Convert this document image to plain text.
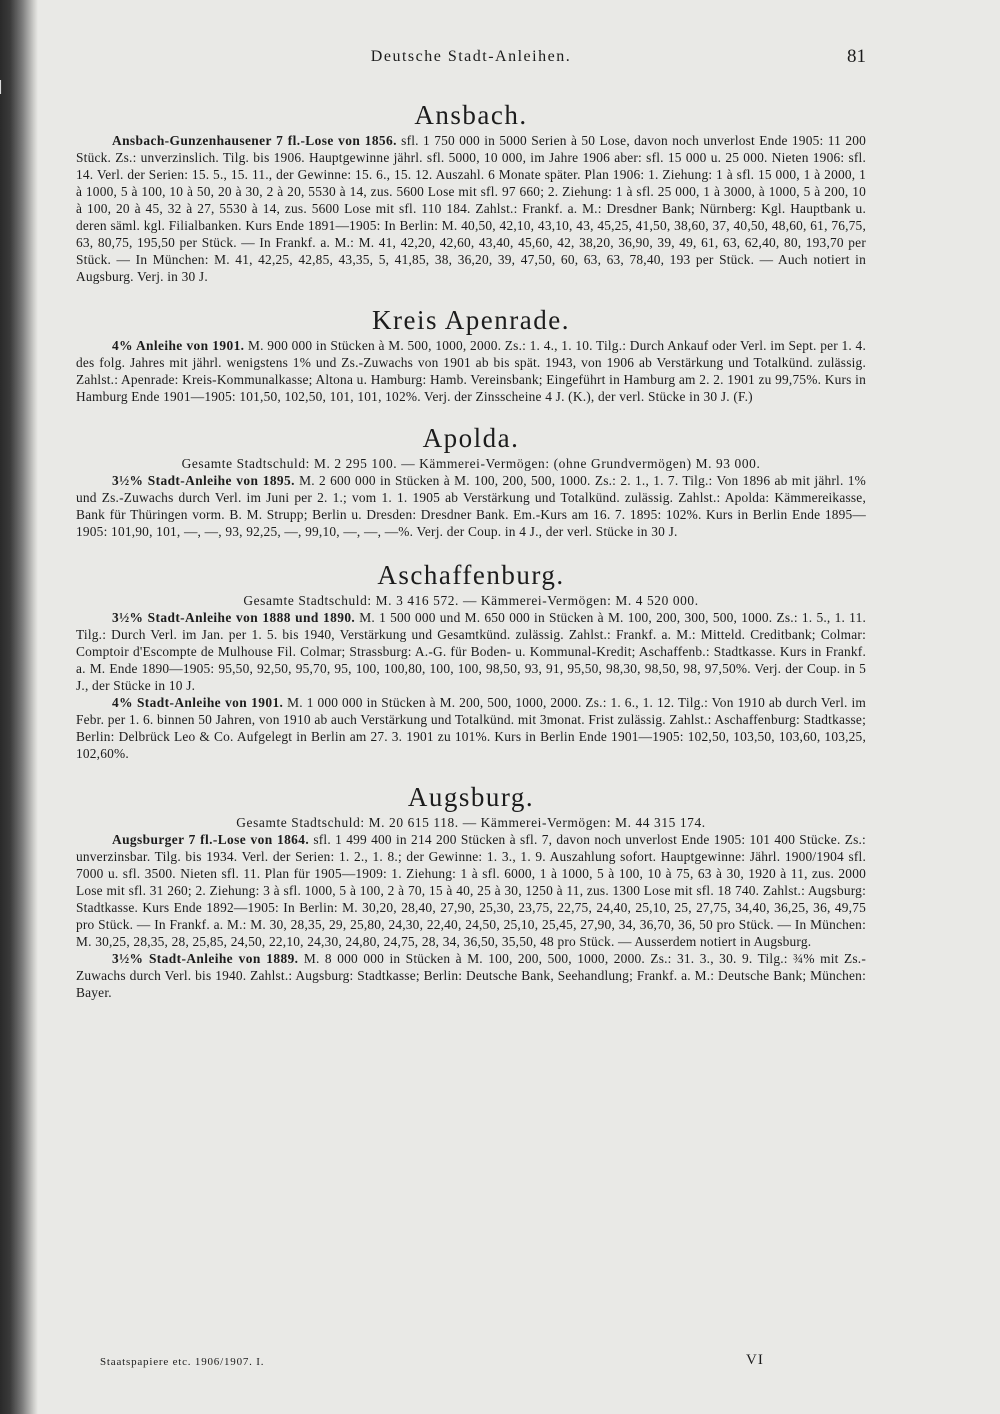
▏
Deutsche Stadt-Anleihen.	81
Ansbach.

Ansbach-Gunzenhausener 7 fl.-Lose von 1856. sfl. 1 750 000 in 5000 Serien à 50 Lose, davon noch unverlost Ende 1905: 11 200 Stück. Zs.: unverzinslich. Tilg. bis 1906. Hauptgewinne jährl. sfl. 5000, 10 000, im Jahre 1906 aber: sfl. 15 000 u. 25 000. Nieten 1906: sfl. 14. Verl. der Serien: 15. 5., 15. 11., der Gewinne: 15. 6., 15. 12. Auszahl. 6 Monate später. Plan 1906: 1. Ziehung: 1 à sfl. 15 000, 1 à 2000, 1 à 1000, 5 à 100, 10 à 50, 20 à 30, 2 à 20, 5530 à 14, zus. 5600 Lose mit sfl. 97 660; 2. Ziehung: 1 à sfl. 25 000, 1 à 3000, à 1000, 5 à 200, 10 à 100, 20 à 45, 32 à 27, 5530 à 14, zus. 5600 Lose mit sfl. 110 184. Zahlst.: Frankf. a. M.: Dresdner Bank; Nürnberg: Kgl. Hauptbank u. deren säml. kgl. Filialbanken. Kurs Ende 1891—1905: In Berlin: M. 40,50, 42,10, 43,10, 43, 45,25, 41,50, 38,60, 37, 40,50, 48,60, 61, 76,75, 63, 80,75, 195,50 per Stück. — In Frankf. a. M.: M. 41, 42,20, 42,60, 43,40, 45,60, 42, 38,20, 36,90, 39, 49, 61, 63, 62,40, 80, 193,70 per Stück. — In München: M. 41, 42,25, 42,85, 43,35, 5, 41,85, 38, 36,20, 39, 47,50, 60, 63, 63, 78,40, 193 per Stück. — Auch notiert in Augsburg. Verj. in 30 J.

Kreis Apenrade.

4% Anleihe von 1901. M. 900 000 in Stücken à M. 500, 1000, 2000. Zs.: 1. 4., 1. 10. Tilg.: Durch Ankauf oder Verl. im Sept. per 1. 4. des folg. Jahres mit jährl. wenigstens 1% und Zs.-Zuwachs von 1901 ab bis spät. 1943, von 1906 ab Verstärkung und Totalkünd. zulässig. Zahlst.: Apenrade: Kreis-Kommunalkasse; Altona u. Hamburg: Hamb. Vereinsbank; Eingeführt in Hamburg am 2. 2. 1901 zu 99,75%. Kurs in Hamburg Ende 1901—1905: 101,50, 102,50, 101, 101, 102%. Verj. der Zinsscheine 4 J. (K.), der verl. Stücke in 30 J. (F.)

Apolda.

Gesamte Stadtschuld: M. 2 295 100. — Kämmerei-Vermögen: (ohne Grundvermögen) M. 93 000.

3½% Stadt-Anleihe von 1895. M. 2 600 000 in Stücken à M. 100, 200, 500, 1000. Zs.: 2. 1., 1. 7. Tilg.: Von 1896 ab mit jährl. 1% und Zs.-Zuwachs durch Verl. im Juni per 2. 1.; vom 1. 1. 1905 ab Verstärkung und Totalkünd. zulässig. Zahlst.: Apolda: Kämmereikasse, Bank für Thüringen vorm. B. M. Strupp; Berlin u. Dresden: Dresdner Bank. Em.-Kurs am 16. 7. 1895: 102%. Kurs in Berlin Ende 1895—1905: 101,90, 101, —, —, 93, 92,25, —, 99,10, —, —, —%. Verj. der Coup. in 4 J., der verl. Stücke in 30 J.

Aschaffenburg.

Gesamte Stadtschuld: M. 3 416 572. — Kämmerei-Vermögen: M. 4 520 000.

3½% Stadt-Anleihe von 1888 und 1890. M. 1 500 000 und M. 650 000 in Stücken à M. 100, 200, 300, 500, 1000. Zs.: 1. 5., 1. 11. Tilg.: Durch Verl. im Jan. per 1. 5. bis 1940, Verstärkung und Gesamtkünd. zulässig. Zahlst.: Frankf. a. M.: Mitteld. Creditbank; Colmar: Comptoir d'Escompte de Mulhouse Fil. Colmar; Strassburg: A.-G. für Boden- u. Kommunal-Kredit; Aschaffenb.: Stadtkasse. Kurs in Frankf. a. M. Ende 1890—1905: 95,50, 92,50, 95,70, 95, 100, 100,80, 100, 100, 98,50, 93, 91, 95,50, 98,30, 98,50, 98, 97,50%. Verj. der Coup. in 5 J., der Stücke in 10 J.

4% Stadt-Anleihe von 1901. M. 1 000 000 in Stücken à M. 200, 500, 1000, 2000. Zs.: 1. 6., 1. 12. Tilg.: Von 1910 ab durch Verl. im Febr. per 1. 6. binnen 50 Jahren, von 1910 ab auch Verstärkung und Totalkünd. mit 3monat. Frist zulässig. Zahlst.: Aschaffenburg: Stadtkasse; Berlin: Delbrück Leo & Co. Aufgelegt in Berlin am 27. 3. 1901 zu 101%. Kurs in Berlin Ende 1901—1905: 102,50, 103,50, 103,60, 103,25, 102,60%.

Augsburg.

Gesamte Stadtschuld: M. 20 615 118. — Kämmerei-Vermögen: M. 44 315 174.

Augsburger 7 fl.-Lose von 1864. sfl. 1 499 400 in 214 200 Stücken à sfl. 7, davon noch unverlost Ende 1905: 101 400 Stücke. Zs.: unverzinsbar. Tilg. bis 1934. Verl. der Serien: 1. 2., 1. 8.; der Gewinne: 1. 3., 1. 9. Auszahlung sofort. Hauptgewinne: Jährl. 1900/1904 sfl. 7000 u. sfl. 3500. Nieten sfl. 11. Plan für 1905—1909: 1. Ziehung: 1 à sfl. 6000, 1 à 1000, 5 à 100, 10 à 75, 63 à 30, 1920 à 11, zus. 2000 Lose mit sfl. 31 260; 2. Ziehung: 3 à sfl. 1000, 5 à 100, 2 à 70, 15 à 40, 25 à 30, 1250 à 11, zus. 1300 Lose mit sfl. 18 740. Zahlst.: Augsburg: Stadtkasse. Kurs Ende 1892—1905: In Berlin: M. 30,20, 28,40, 27,90, 25,30, 23,75, 22,75, 24,40, 25,10, 25, 27,75, 34,40, 36,25, 36, 49,75 pro Stück. — In Frankf. a. M.: M. 30, 28,35, 29, 25,80, 24,30, 22,40, 24,50, 25,10, 25,45, 27,90, 34, 36,70, 36, 50 pro Stück. — In München: M. 30,25, 28,35, 28, 25,85, 24,50, 22,10, 24,30, 24,80, 24,75, 28, 34, 36,50, 35,50, 48 pro Stück. — Ausserdem notiert in Augsburg.

3½% Stadt-Anleihe von 1889. M. 8 000 000 in Stücken à M. 100, 200, 500, 1000, 2000. Zs.: 31. 3., 30. 9. Tilg.: ¾% mit Zs.-Zuwachs durch Verl. bis 1940. Zahlst.: Augsburg: Stadtkasse; Berlin: Deutsche Bank, Seehandlung; Frankf. a. M.: Deutsche Bank; München: Bayer.

Staatspapiere etc. 1906/1907. I.	VI
